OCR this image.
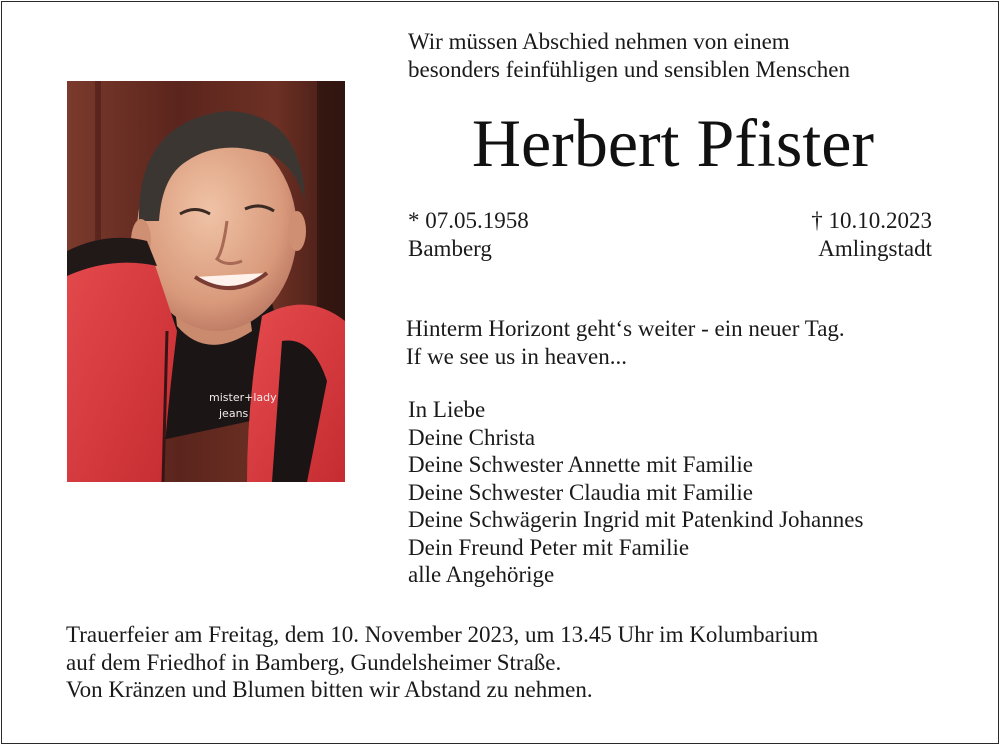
mister+lady
jeans
Wir müssen Abschied nehmen von einem
besonders feinfühligen und sensiblen Menschen
Herbert Pfister
* 07.05.1958
Bamberg
† 10.10.2023
Amlingstadt
Hinterm Horizont geht‘s weiter - ein neuer Tag.
If we see us in heaven...
In Liebe
Deine Christa
Deine Schwester Annette mit Familie
Deine Schwester Claudia mit Familie
Deine Schwägerin Ingrid mit Patenkind Johannes
Dein Freund Peter mit Familie
alle Angehörige
Trauerfeier am Freitag, dem 10. November 2023, um 13.45 Uhr im Kolumbarium
auf dem Friedhof in Bamberg, Gundelsheimer Straße.
Von Kränzen und Blumen bitten wir Abstand zu nehmen.
